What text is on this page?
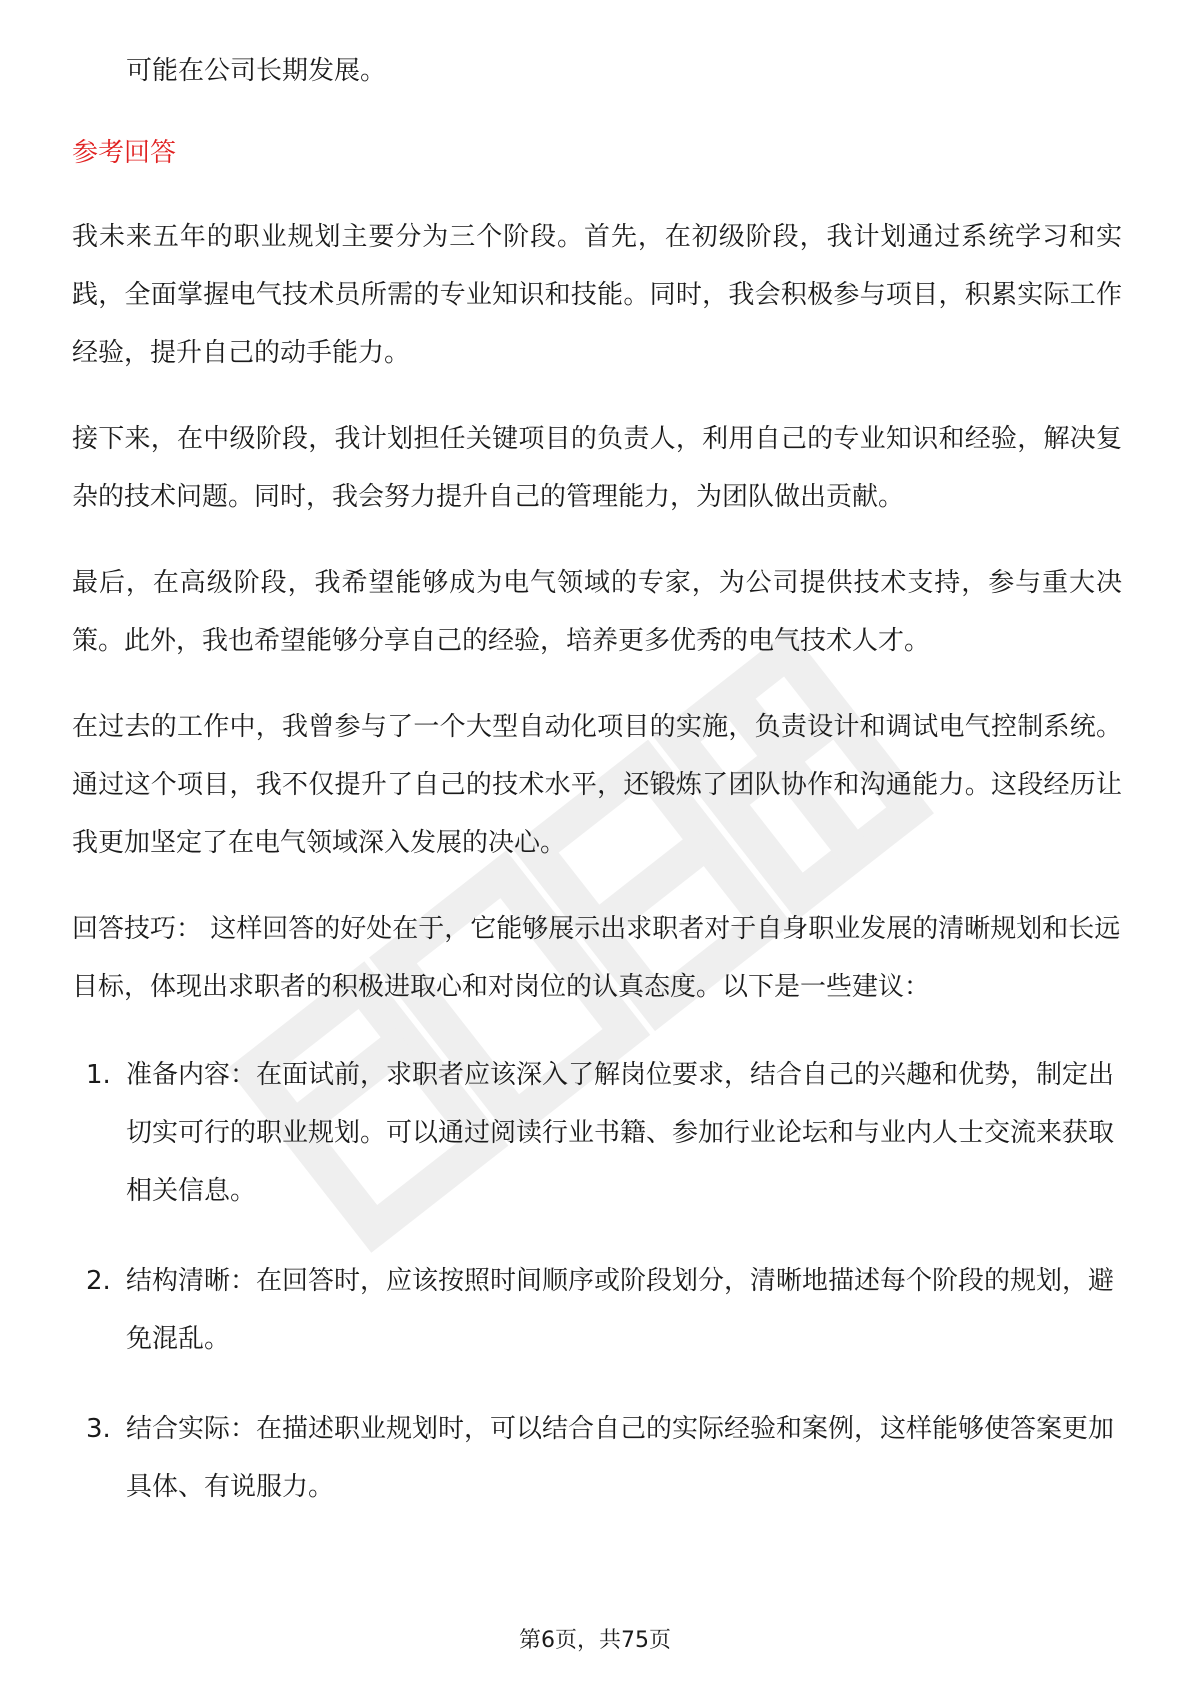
可能在公司长期发展。

参考回答

我未来五年的职业规划主要分为三个阶段。首先，在初级阶段，我计划通过系统学习和实践，全面掌握电气技术员所需的专业知识和技能。同时，我会积极参与项目，积累实际工作经验，提升自己的动手能力。

接下来，在中级阶段，我计划担任关键项目的负责人，利用自己的专业知识和经验，解决复杂的技术问题。同时，我会努力提升自己的管理能力，为团队做出贡献。

最后，在高级阶段，我希望能够成为电气领域的专家，为公司提供技术支持，参与重大决策。此外，我也希望能够分享自己的经验，培养更多优秀的电气技术人才。

在过去的工作中，我曾参与了一个大型自动化项目的实施，负责设计和调试电气控制系统。通过这个项目，我不仅提升了自己的技术水平，还锻炼了团队协作和沟通能力。这段经历让我更加坚定了在电气领域深入发展的决心。

回答技巧： 这样回答的好处在于，它能够展示出求职者对于自身职业发展的清晰规划和长远目标，体现出求职者的积极进取心和对岗位的认真态度。以下是一些建议：

1. 准备内容：在面试前，求职者应该深入了解岗位要求，结合自己的兴趣和优势，制定出切实可行的职业规划。可以通过阅读行业书籍、参加行业论坛和与业内人士交流来获取相关信息。
2. 结构清晰：在回答时，应该按照时间顺序或阶段划分，清晰地描述每个阶段的规划，避免混乱。
3. 结合实际：在描述职业规划时，可以结合自己的实际经验和案例，这样能够使答案更加具体、有说服力。
第6页，共75页
